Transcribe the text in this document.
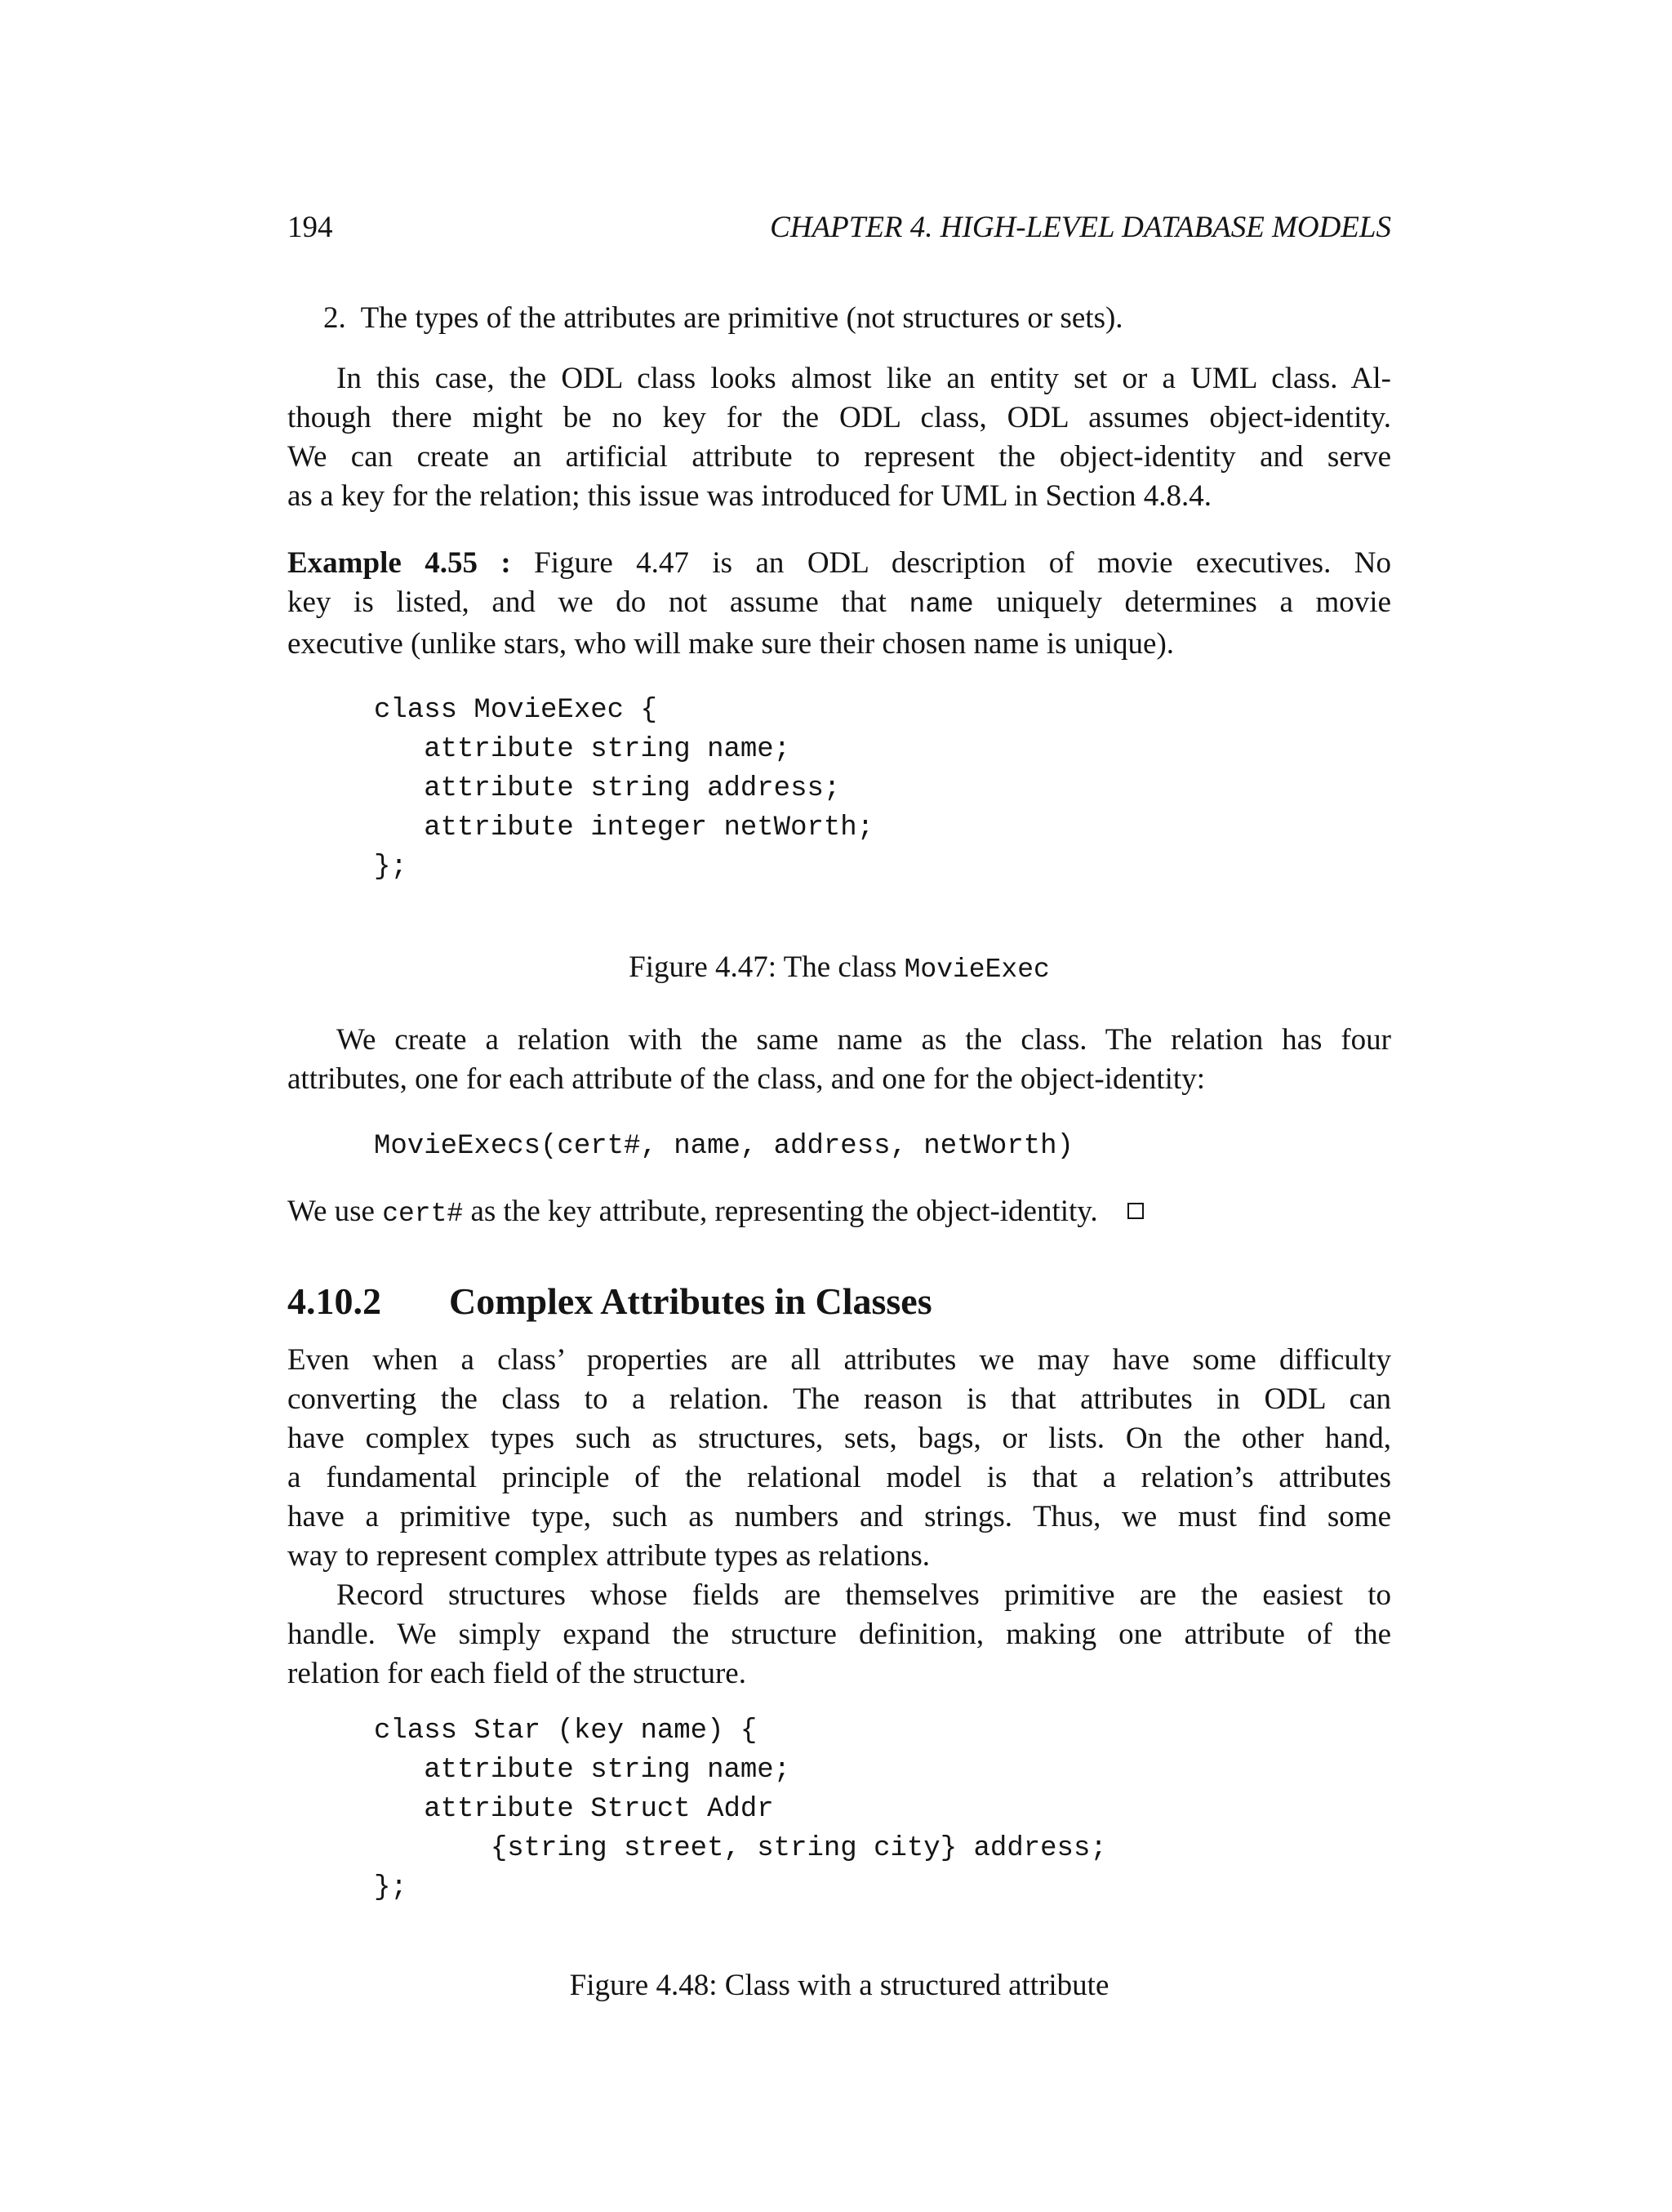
194	CHAPTER 4. HIGH-LEVEL DATABASE MODELS
2.  The types of the attributes are primitive (not structures or sets).
In this case, the ODL class looks almost like an entity set or a UML class. Al-
though there might be no key for the ODL class, ODL assumes object-identity.
We can create an artificial attribute to represent the object-identity and serve
as a key for the relation; this issue was introduced for UML in Section 4.8.4.
Example 4.55 : Figure 4.47 is an ODL description of movie executives. No
key is listed, and we do not assume that name uniquely determines a movie
executive (unlike stars, who will make sure their chosen name is unique).
class MovieExec {
attribute string name;
attribute string address;
attribute integer netWorth;
};
Figure 4.47: The class MovieExec
We create a relation with the same name as the class. The relation has four
attributes, one for each attribute of the class, and one for the object-identity:
MovieExecs(cert#, name, address, netWorth)
We use cert# as the key attribute, representing the object-identity.
4.10.2 Complex Attributes in Classes
Even when a class’ properties are all attributes we may have some difficulty
converting the class to a relation. The reason is that attributes in ODL can
have complex types such as structures, sets, bags, or lists. On the other hand,
a fundamental principle of the relational model is that a relation’s attributes
have a primitive type, such as numbers and strings. Thus, we must find some
way to represent complex attribute types as relations.
Record structures whose fields are themselves primitive are the easiest to
handle. We simply expand the structure definition, making one attribute of the
relation for each field of the structure.
class Star (key name) {
attribute string name;
attribute Struct Addr
{string street, string city} address;
};
Figure 4.48: Class with a structured attribute
